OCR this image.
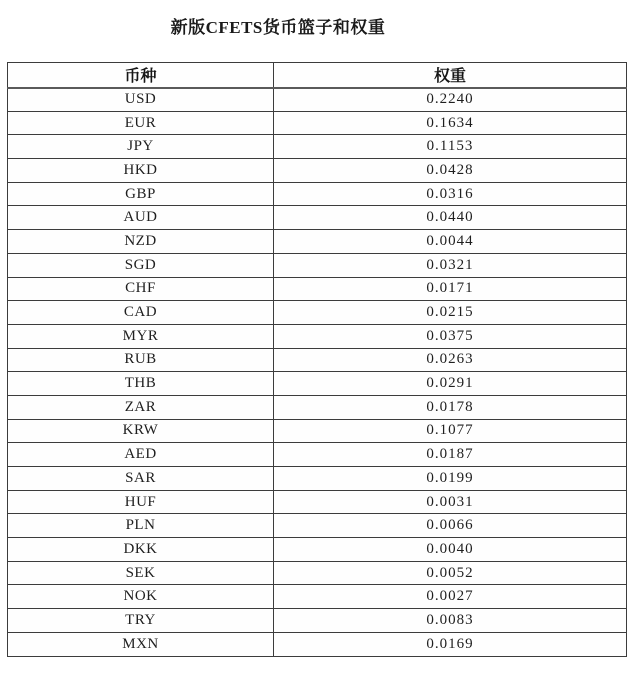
新版CFETS货币篮子和权重
币种	权重
USD	0.2240
EUR	0.1634
JPY	0.1153
HKD	0.0428
GBP	0.0316
AUD	0.0440
NZD	0.0044
SGD	0.0321
CHF	0.0171
CAD	0.0215
MYR	0.0375
RUB	0.0263
THB	0.0291
ZAR	0.0178
KRW	0.1077
AED	0.0187
SAR	0.0199
HUF	0.0031
PLN	0.0066
DKK	0.0040
SEK	0.0052
NOK	0.0027
TRY	0.0083
MXN	0.0169
